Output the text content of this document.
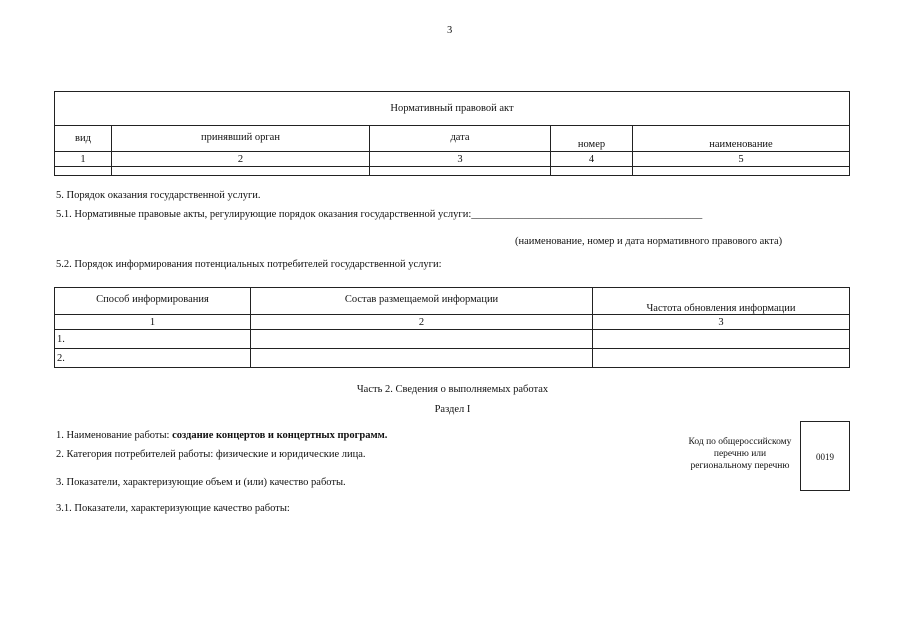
3
Нормативный правовой акт				
вид	принявший орган	дата	номер	наименование
1	2	3	4	5

5. Порядок оказания государственной услуги.
5.1. Нормативные правовые акты, регулирующие порядок оказания государственной услуги:____________________________________________
(наименование, номер и дата нормативного правового акта)
5.2. Порядок информирования потенциальных потребителей государственной услуги:
Способ информирования	Состав размещаемой информации	Частота обновления информации
1	2	3
1.		
2.		
Часть 2. Сведения о выполняемых работах
Раздел I
1. Наименование работы: создание концертов и концертных программ.
2. Категория потребителей работы: физические и юридические лица.
3. Показатели, характеризующие объем и (или) качество работы.
3.1. Показатели, характеризующие качество работы:
Код по общероссийскому
перечню или
региональному перечню
0019
